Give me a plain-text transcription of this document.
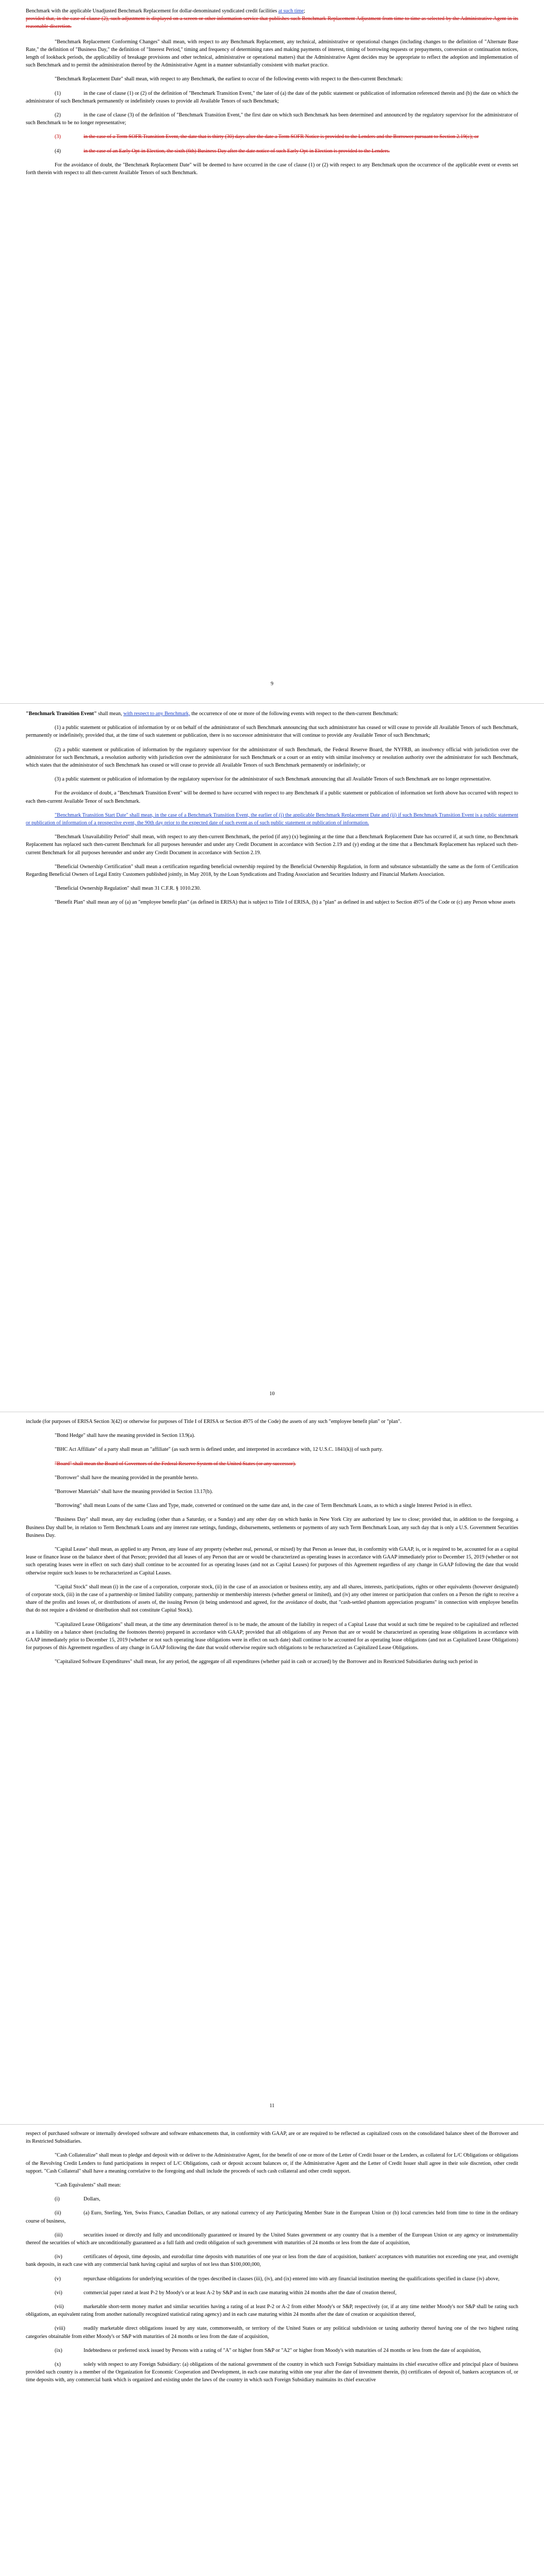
Benchmark with the applicable Unadjusted Benchmark Replacement for dollar-denominated syndicated credit facilities at such time;
provided that, in the case of clause (2), such adjustment is displayed on a screen or other information service that publishes such Benchmark Replacement Adjustment from time to time as selected by the Administrative Agent in its reasonable discretion.

"Benchmark Replacement Conforming Changes" shall mean, with respect to any Benchmark Replacement, any technical, administrative or operational changes (including changes to the definition of "Alternate Base Rate," the definition of "Business Day," the definition of "Interest Period," timing and frequency of determining rates and making payments of interest, timing of borrowing requests or prepayments, conversion or continuation notices, length of lookback periods, the applicability of breakage provisions and other technical, administrative or operational matters) that the Administrative Agent decides may be appropriate to reflect the adoption and implementation of such Benchmark and to permit the administration thereof by the Administrative Agent in a manner substantially consistent with market practice.

"Benchmark Replacement Date" shall mean, with respect to any Benchmark, the earliest to occur of the following events with respect to the then-current Benchmark:

(1)	in the case of clause (1) or (2) of the definition of "Benchmark Transition Event," the later of (a) the date of the public statement or publication of information referenced therein and (b) the date on which the administrator of such Benchmark permanently or indefinitely ceases to provide all Available Tenors of such Benchmark;

(2)	in the case of clause (3) of the definition of "Benchmark Transition Event," the first date on which such Benchmark has been determined and announced by the regulatory supervisor for the administrator of such Benchmark to be no longer representative;

(3)	in the case of a Term SOFR Transition Event, the date that is thirty (30) days after the date a Term SOFR Notice is provided to the Lenders and the Borrower pursuant to Section 2.19(c); or

(4)	in the case of an Early Opt-in Election, the sixth (6th) Business Day after the date notice of such Early Opt-in Election is provided to the Lenders.

For the avoidance of doubt, the "Benchmark Replacement Date" will be deemed to have occurred in the case of clause (1) or (2) with respect to any Benchmark upon the occurrence of the applicable event or events set forth therein with respect to all then-current Available Tenors of such Benchmark.

9

"Benchmark Transition Event" shall mean, with respect to any Benchmark, the occurrence of one or more of the following events with respect to the then-current Benchmark:

(1) a public statement or publication of information by or on behalf of the administrator of such Benchmark announcing that such administrator has ceased or will cease to provide all Available Tenors of such Benchmark, permanently or indefinitely, provided that, at the time of such statement or publication, there is no successor administrator that will continue to provide any Available Tenor of such Benchmark;

(2) a public statement or publication of information by the regulatory supervisor for the administrator of such Benchmark, the Federal Reserve Board, the NYFRB, an insolvency official with jurisdiction over the administrator for such Benchmark, a resolution authority with jurisdiction over the administrator for such Benchmark or a court or an entity with similar insolvency or resolution authority over the administrator for such Benchmark, which states that the administrator of such Benchmark has ceased or will cease to provide all Available Tenors of such Benchmark permanently or indefinitely; or

(3) a public statement or publication of information by the regulatory supervisor for the administrator of such Benchmark announcing that all Available Tenors of such Benchmark are no longer representative.

For the avoidance of doubt, a "Benchmark Transition Event" will be deemed to have occurred with respect to any Benchmark if a public statement or publication of information set forth above has occurred with respect to each then-current Available Tenor of such Benchmark.

"Benchmark Transition Start Date" shall mean, in the case of a Benchmark Transition Event, the earlier of (i) the applicable Benchmark Replacement Date and (ii) if such Benchmark Transition Event is a public statement or publication of information of a prospective event, the 90th day prior to the expected date of such event as of such public statement or publication of information.

"Benchmark Unavailability Period" shall mean, with respect to any then-current Benchmark, the period (if any) (x) beginning at the time that a Benchmark Replacement Date has occurred if, at such time, no Benchmark Replacement has replaced such then-current Benchmark for all purposes hereunder and under any Credit Document in accordance with Section 2.19 and (y) ending at the time that a Benchmark Replacement has replaced such then-current Benchmark for all purposes hereunder and under any Credit Document in accordance with Section 2.19.

"Beneficial Ownership Certification" shall mean a certification regarding beneficial ownership required by the Beneficial Ownership Regulation, in form and substance substantially the same as the form of Certification Regarding Beneficial Owners of Legal Entity Customers published jointly, in May 2018, by the Loan Syndications and Trading Association and Securities Industry and Financial Markets Association.

"Beneficial Ownership Regulation" shall mean 31 C.F.R. § 1010.230.

"Benefit Plan" shall mean any of (a) an "employee benefit plan" (as defined in ERISA) that is subject to Title I of ERISA, (b) a "plan" as defined in and subject to Section 4975 of the Code or (c) any Person whose assets

10

include (for purposes of ERISA Section 3(42) or otherwise for purposes of Title I of ERISA or Section 4975 of the Code) the assets of any such "employee benefit plan" or "plan".

"Bond Hedge" shall have the meaning provided in Section 13.9(a).

"BHC Act Affiliate" of a party shall mean an "affiliate" (as such term is defined under, and interpreted in accordance with, 12 U.S.C. 1841(k)) of such party.

"Board" shall mean the Board of Governors of the Federal Reserve System of the United States (or any successor).

"Borrower" shall have the meaning provided in the preamble hereto.

"Borrower Materials" shall have the meaning provided in Section 13.17(b).

"Borrowing" shall mean Loans of the same Class and Type, made, converted or continued on the same date and, in the case of Term Benchmark Loans, as to which a single Interest Period is in effect.

"Business Day" shall mean, any day excluding (other than a Saturday, or a Sunday) and any other day on which banks in New York City are authorized by law to close; provided that, in addition to the foregoing, a Business Day shall be, in relation to Term Benchmark Loans and any interest rate settings, fundings, disbursements, settlements or payments of any such Term Benchmark Loan, any such day that is only a U.S. Government Securities Business Day.

"Capital Lease" shall mean, as applied to any Person, any lease of any property (whether real, personal, or mixed) by that Person as lessee that, in conformity with GAAP, is, or is required to be, accounted for as a capital lease or finance lease on the balance sheet of that Person; provided that all leases of any Person that are or would be characterized as operating leases in accordance with GAAP immediately prior to December 15, 2019 (whether or not such operating leases were in effect on such date) shall continue to be accounted for as operating leases (and not as Capital Leases) for purposes of this Agreement regardless of any change in GAAP following the date that would otherwise require such leases to be recharacterized as Capital Leases.

"Capital Stock" shall mean (i) in the case of a corporation, corporate stock, (ii) in the case of an association or business entity, any and all shares, interests, participations, rights or other equivalents (however designated) of corporate stock, (iii) in the case of a partnership or limited liability company, partnership or membership interests (whether general or limited), and (iv) any other interest or participation that confers on a Person the right to receive a share of the profits and losses of, or distributions of assets of, the issuing Person (it being understood and agreed, for the avoidance of doubt, that "cash-settled phantom appreciation programs" in connection with employee benefits that do not require a dividend or distribution shall not constitute Capital Stock).

"Capitalized Lease Obligations" shall mean, at the time any determination thereof is to be made, the amount of the liability in respect of a Capital Lease that would at such time be required to be capitalized and reflected as a liability on a balance sheet (excluding the footnotes thereto) prepared in accordance with GAAP; provided that all obligations of any Person that are or would be characterized as operating lease obligations in accordance with GAAP immediately prior to December 15, 2019 (whether or not such operating lease obligations were in effect on such date) shall continue to be accounted for as operating lease obligations (and not as Capitalized Lease Obligations) for purposes of this Agreement regardless of any change in GAAP following the date that would otherwise require such obligations to be recharacterized as Capitalized Lease Obligations.

"Capitalized Software Expenditures" shall mean, for any period, the aggregate of all expenditures (whether paid in cash or accrued) by the Borrower and its Restricted Subsidiaries during such period in

11

respect of purchased software or internally developed software and software enhancements that, in conformity with GAAP, are or are required to be reflected as capitalized costs on the consolidated balance sheet of the Borrower and its Restricted Subsidiaries.

"Cash Collateralize" shall mean to pledge and deposit with or deliver to the Administrative Agent, for the benefit of one or more of the Letter of Credit Issuer or the Lenders, as collateral for L/C Obligations or obligations of the Revolving Credit Lenders to fund participations in respect of L/C Obligations, cash or deposit account balances or, if the Administrative Agent and the Letter of Credit Issuer shall agree in their sole discretion, other credit support. "Cash Collateral" shall have a meaning correlative to the foregoing and shall include the proceeds of such cash collateral and other credit support.

"Cash Equivalents" shall mean:

(i)	Dollars,

(ii)	(a) Euro, Sterling, Yen, Swiss Francs, Canadian Dollars, or any national currency of any Participating Member State in the European Union or (b) local currencies held from time to time in the ordinary course of business,

(iii)	securities issued or directly and fully and unconditionally guaranteed or insured by the United States government or any country that is a member of the European Union or any agency or instrumentality thereof the securities of which are unconditionally guaranteed as a full faith and credit obligation of such government with maturities of 24 months or less from the date of acquisition,

(iv)	certificates of deposit, time deposits, and eurodollar time deposits with maturities of one year or less from the date of acquisition, bankers' acceptances with maturities not exceeding one year, and overnight bank deposits, in each case with any commercial bank having capital and surplus of not less than $100,000,000,

(v)	repurchase obligations for underlying securities of the types described in clauses (iii), (iv), and (ix) entered into with any financial institution meeting the qualifications specified in clause (iv) above,

(vi)	commercial paper rated at least P-2 by Moody's or at least A-2 by S&P and in each case maturing within 24 months after the date of creation thereof,

(vii)	marketable short-term money market and similar securities having a rating of at least P-2 or A-2 from either Moody's or S&P, respectively (or, if at any time neither Moody's nor S&P shall be rating such obligations, an equivalent rating from another nationally recognized statistical rating agency) and in each case maturing within 24 months after the date of creation or acquisition thereof,

(viii)	readily marketable direct obligations issued by any state, commonwealth, or territory of the United States or any political subdivision or taxing authority thereof having one of the two highest rating categories obtainable from either Moody's or S&P with maturities of 24 months or less from the date of acquisition,

(ix)	Indebtedness or preferred stock issued by Persons with a rating of "A" or higher from S&P or "A2" or higher from Moody's with maturities of 24 months or less from the date of acquisition,

(x)	solely with respect to any Foreign Subsidiary: (a) obligations of the national government of the country in which such Foreign Subsidiary maintains its chief executive office and principal place of business provided such country is a member of the Organization for Economic Cooperation and Development, in each case maturing within one year after the date of investment therein, (b) certificates of deposit of, bankers acceptances of, or time deposits with, any commercial bank which is organized and existing under the laws of the country in which such Foreign Subsidiary maintains its chief executive
